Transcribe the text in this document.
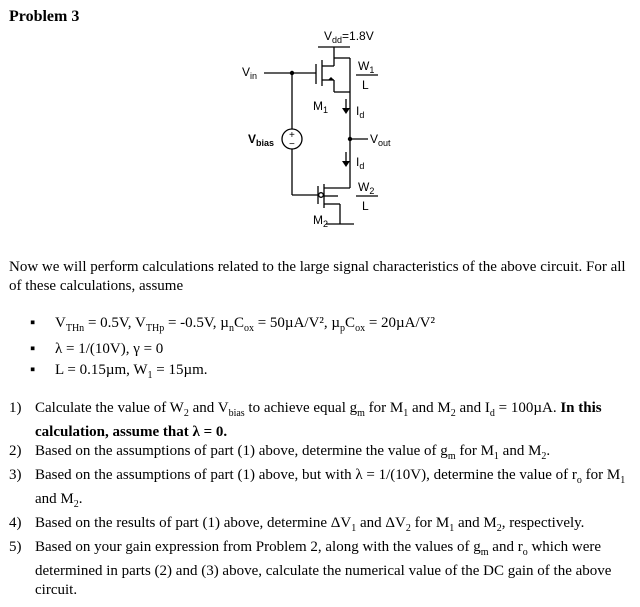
Problem 3
$V_{dd}=1.8V$
$V_{in}$
$V_{bias}$	$V_{out}$
$M_1$
$M_2$
$W_1$
L
$W_2$
L
$I_d$
$I_d$
+
−
Now we will perform calculations related to the large signal characteristics of the above circuit. For all of these calculations, assume
▪ $V_{THn} = 0.5V$, $V_{THp} = -0.5V$, $\mu_nC_{ox} = 50\mu A/V^2$, $\mu_pC_{ox} = 20\mu A/V^2$
▪ λ = 1/(10V), γ = 0
▪ L = 0.15µm, $W_1 = 15\mu m$.
1) Calculate the value of $W_2$ and $V_{bias}$ to achieve equal $g_m$ for $M_1$ and $M_2$ and $I_d = 100\mu A$. In this calculation, assume that λ = 0.
2) Based on the assumptions of part (1) above, determine the value of $g_m$ for $M_1$ and $M_2$.
3) Based on the assumptions of part (1) above, but with λ = 1/(10V), determine the value of $r_o$ for $M_1$ and $M_2$.
4) Based on the results of part (1) above, determine $\Delta V_1$ and $\Delta V_2$ for $M_1$ and $M_2$, respectively.
5) Based on your gain expression from Problem 2, along with the values of $g_m$ and $r_o$ which were determined in parts (2) and (3) above, calculate the numerical value of the DC gain of the above circuit.
